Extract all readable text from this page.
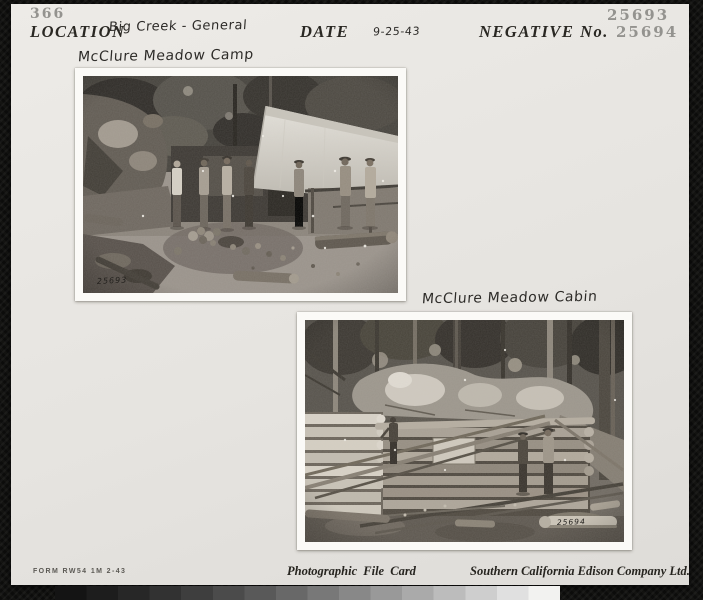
366
LOCATION
Big Creek - General	DATE 9-25-43	NEGATIVE No.
25693
25694
McClure Meadow Camp
25693
McClure Meadow Cabin
25694
FORM RW54 1M 2-43	Photographic File Card	Southern California Edison Company Ltd.
